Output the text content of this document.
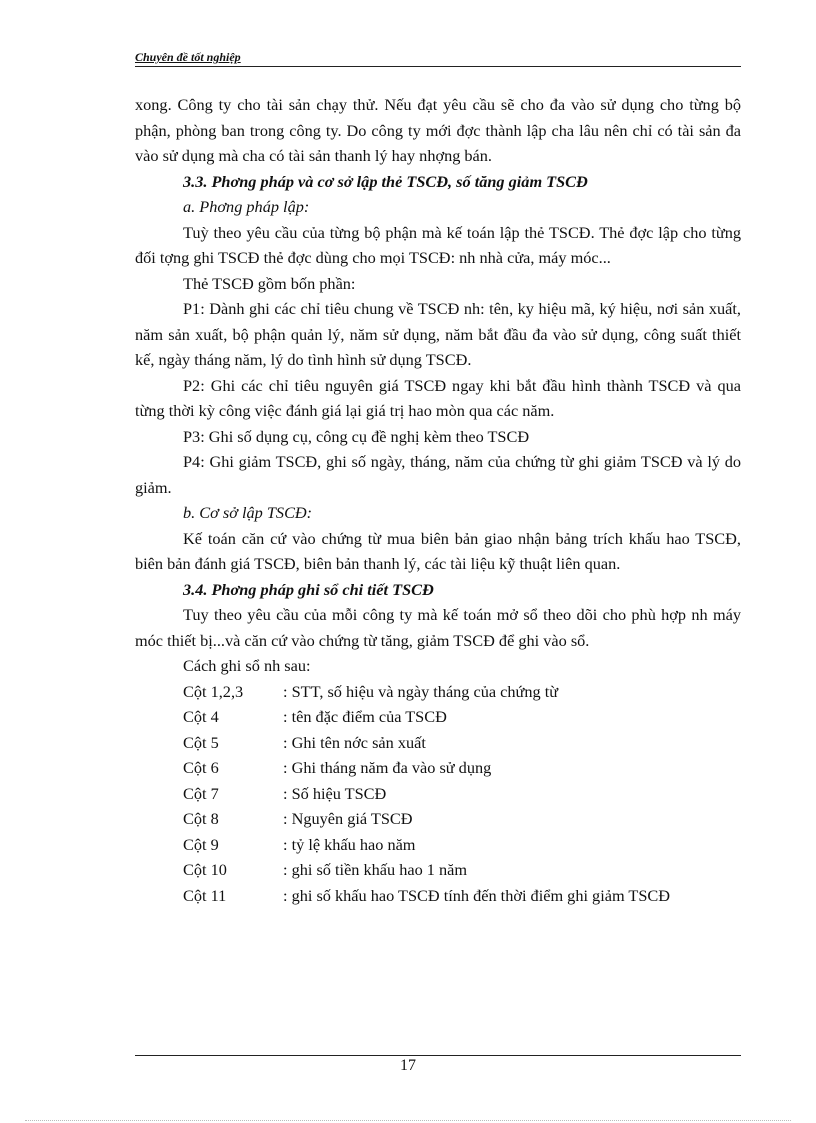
Chuyên đề tốt nghiệp

xong. Công ty cho tài sản chạy thử. Nếu đạt yêu cầu sẽ cho đa vào sử dụng cho từng bộ phận, phòng ban trong công ty. Do công ty mới đợc thành lập cha lâu nên chỉ có tài sản đa vào sử dụng mà cha có tài sản thanh lý hay nhợng bán.

3.3. Phơng pháp và cơ sở lập thẻ TSCĐ, số tăng giảm TSCĐ

a. Phơng pháp lập:

Tuỳ theo yêu cầu của từng bộ phận mà kế toán lập thẻ TSCĐ. Thẻ đợc lập cho từng đối tợng ghi TSCĐ thẻ đợc dùng cho mọi TSCĐ: nh nhà cửa, máy móc...

Thẻ TSCĐ gồm bốn phần:

P1: Dành ghi các chỉ tiêu chung về TSCĐ nh: tên, ky hiệu mã, ký hiệu, nơi sản xuất, năm sản xuất, bộ phận quản lý, năm sử dụng, năm bắt đầu đa vào sử dụng, công suất thiết kế, ngày tháng năm, lý do tình hình sử dụng TSCĐ.

P2: Ghi các chỉ tiêu nguyên giá TSCĐ ngay khi bắt đầu hình thành TSCĐ và qua từng thời kỳ công việc đánh giá lại giá trị hao mòn qua các năm.

P3: Ghi số dụng cụ, công cụ đề nghị kèm theo TSCĐ

P4: Ghi giảm TSCĐ, ghi số ngày, tháng, năm của chứng từ ghi giảm TSCĐ và lý do giảm.

b. Cơ sở lập TSCĐ:

Kế toán căn cứ vào chứng từ mua biên bản giao nhận bảng trích khấu hao TSCĐ, biên bản đánh giá TSCĐ, biên bản thanh lý, các tài liệu kỹ thuật liên quan.

3.4. Phơng pháp ghi sổ chi tiết TSCĐ

Tuy theo yêu cầu của mỗi công ty mà kế toán mở sổ theo dõi cho phù hợp nh máy móc thiết bị...và căn cứ vào chứng từ tăng, giảm TSCĐ để ghi vào sổ.

Cách ghi sổ nh sau:

Cột 1,2,3	: STT, số hiệu và ngày tháng của chứng từ
Cột 4	: tên đặc điểm của TSCĐ
Cột 5	: Ghi tên nớc sản xuất
Cột 6	: Ghi tháng năm đa vào sử dụng
Cột 7	: Số hiệu TSCĐ
Cột 8	: Nguyên giá TSCĐ
Cột 9	: tỷ lệ khấu hao năm
Cột 10	: ghi số tiền khấu hao 1 năm
Cột 11	: ghi số khấu hao TSCĐ tính đến thời điểm ghi giảm TSCĐ
17
